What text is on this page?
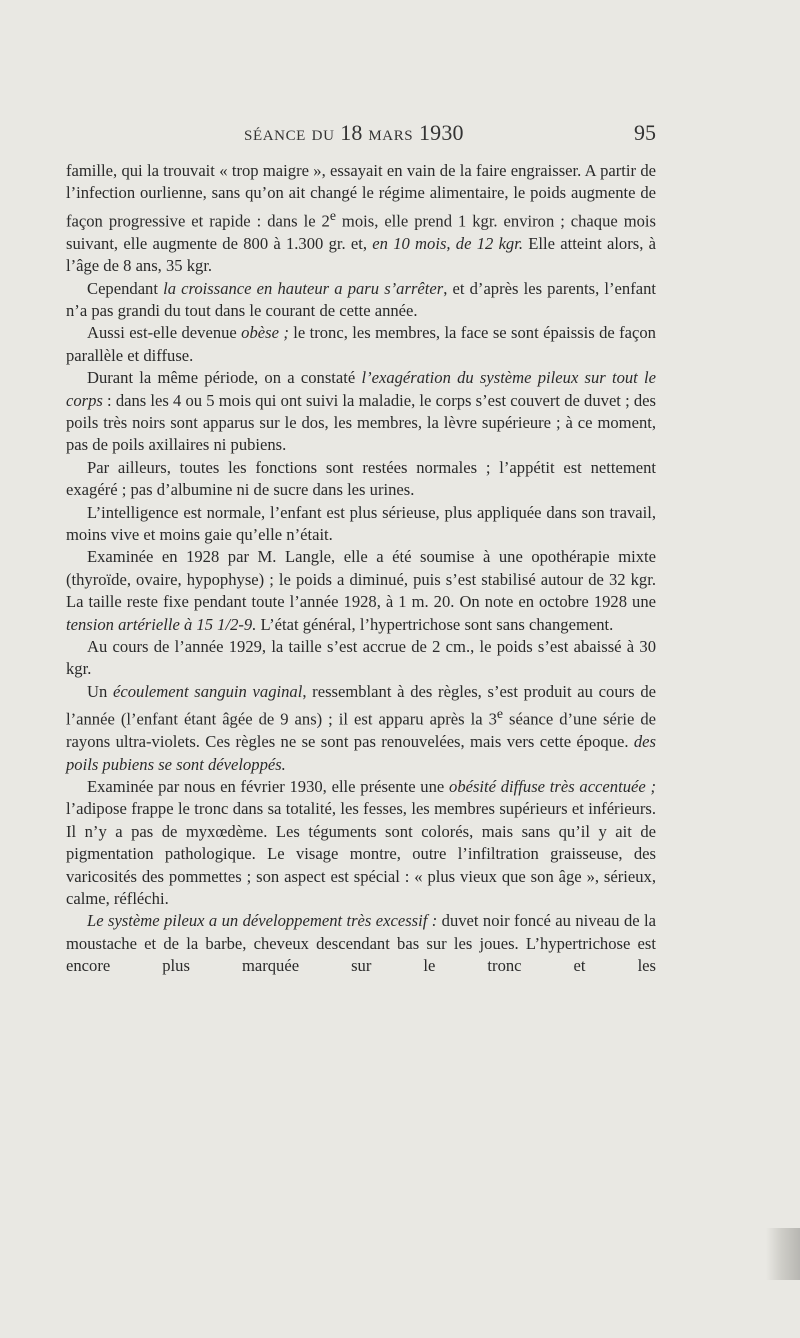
SÉANCE DU 18 MARS 1930	95

famille, qui la trouvait « trop maigre », essayait en vain de la faire engraisser. A partir de l’infection ourlienne, sans qu’on ait changé le régime alimentaire, le poids augmente de façon progressive et rapide : dans le 2e mois, elle prend 1 kgr. environ ; chaque mois suivant, elle augmente de 800 à 1.300 gr. et, en 10 mois, de 12 kgr. Elle atteint alors, à l’âge de 8 ans, 35 kgr.

Cependant la croissance en hauteur a paru s’arrêter, et d’après les parents, l’enfant n’a pas grandi du tout dans le courant de cette année.

Aussi est-elle devenue obèse ; le tronc, les membres, la face se sont épaissis de façon parallèle et diffuse.

Durant la même période, on a constaté l’exagération du système pileux sur tout le corps : dans les 4 ou 5 mois qui ont suivi la maladie, le corps s’est couvert de duvet ; des poils très noirs sont apparus sur le dos, les membres, la lèvre supérieure ; à ce moment, pas de poils axillaires ni pubiens.

Par ailleurs, toutes les fonctions sont restées normales ; l’appétit est nettement exagéré ; pas d’albumine ni de sucre dans les urines.

L’intelligence est normale, l’enfant est plus sérieuse, plus appliquée dans son travail, moins vive et moins gaie qu’elle n’était.

Examinée en 1928 par M. Langle, elle a été soumise à une opothérapie mixte (thyroïde, ovaire, hypophyse) ; le poids a diminué, puis s’est stabilisé autour de 32 kgr. La taille reste fixe pendant toute l’année 1928, à 1 m. 20. On note en octobre 1928 une tension artérielle à 15 1/2-9. L’état général, l’hypertrichose sont sans changement.

Au cours de l’année 1929, la taille s’est accrue de 2 cm., le poids s’est abaissé à 30 kgr.

Un écoulement sanguin vaginal, ressemblant à des règles, s’est produit au cours de l’année (l’enfant étant âgée de 9 ans) ; il est apparu après la 3e séance d’une série de rayons ultra-violets. Ces règles ne se sont pas renouvelées, mais vers cette époque. des poils pubiens se sont développés.

Examinée par nous en février 1930, elle présente une obésité diffuse très accentuée ; l’adipose frappe le tronc dans sa totalité, les fesses, les membres supérieurs et inférieurs. Il n’y a pas de myxœdème. Les téguments sont colorés, mais sans qu’il y ait de pigmentation pathologique. Le visage montre, outre l’infiltration graisseuse, des varicosités des pommettes ; son aspect est spécial : « plus vieux que son âge », sérieux, calme, réfléchi.

Le système pileux a un développement très excessif : duvet noir foncé au niveau de la moustache et de la barbe, cheveux descendant bas sur les joues. L’hypertrichose est encore plus marquée sur le tronc et les
